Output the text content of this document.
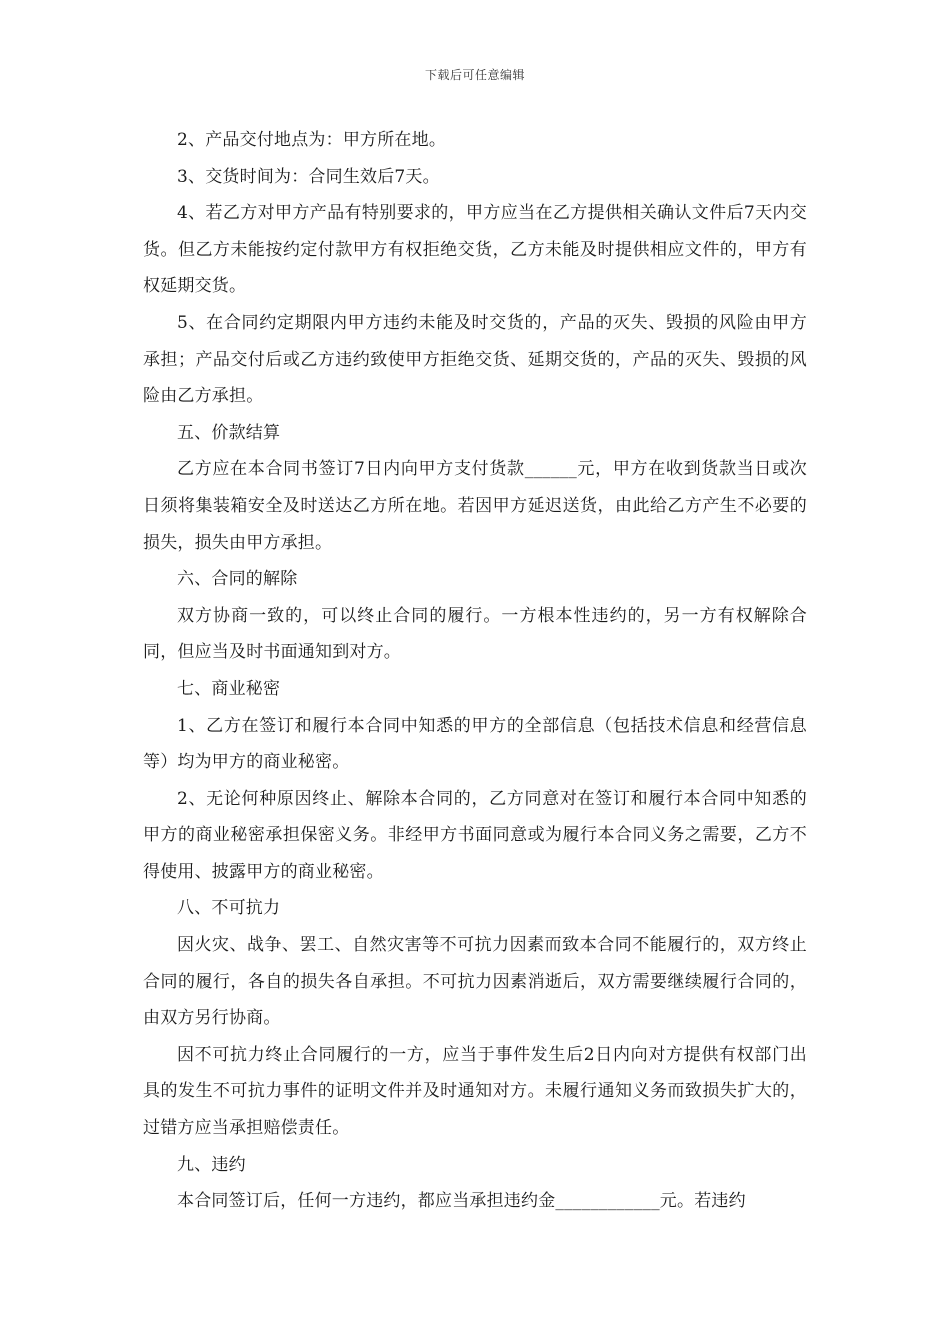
下载后可任意编辑

2、产品交付地点为：甲方所在地。

3、交货时间为：合同生效后7天。

4、若乙方对甲方产品有特别要求的，甲方应当在乙方提供相关确认文件后7天内交货。但乙方未能按约定付款甲方有权拒绝交货，乙方未能及时提供相应文件的，甲方有权延期交货。

5、在合同约定期限内甲方违约未能及时交货的，产品的灭失、毁损的风险由甲方承担；产品交付后或乙方违约致使甲方拒绝交货、延期交货的，产品的灭失、毁损的风险由乙方承担。

五、价款结算

乙方应在本合同书签订7日内向甲方支付货款______元，甲方在收到货款当日或次日须将集装箱安全及时送达乙方所在地。若因甲方延迟送货，由此给乙方产生不必要的损失，损失由甲方承担。

六、合同的解除

双方协商一致的，可以终止合同的履行。一方根本性违约的，另一方有权解除合同，但应当及时书面通知到对方。

七、商业秘密

1、乙方在签订和履行本合同中知悉的甲方的全部信息（包括技术信息和经营信息等）均为甲方的商业秘密。

2、无论何种原因终止、解除本合同的，乙方同意对在签订和履行本合同中知悉的甲方的商业秘密承担保密义务。非经甲方书面同意或为履行本合同义务之需要，乙方不得使用、披露甲方的商业秘密。

八、不可抗力

因火灾、战争、罢工、自然灾害等不可抗力因素而致本合同不能履行的，双方终止合同的履行，各自的损失各自承担。不可抗力因素消逝后，双方需要继续履行合同的，由双方另行协商。

因不可抗力终止合同履行的一方，应当于事件发生后2日内向对方提供有权部门出具的发生不可抗力事件的证明文件并及时通知对方。未履行通知义务而致损失扩大的，过错方应当承担赔偿责任。

九、违约

本合同签订后，任何一方违约，都应当承担违约金____________元。若违约
